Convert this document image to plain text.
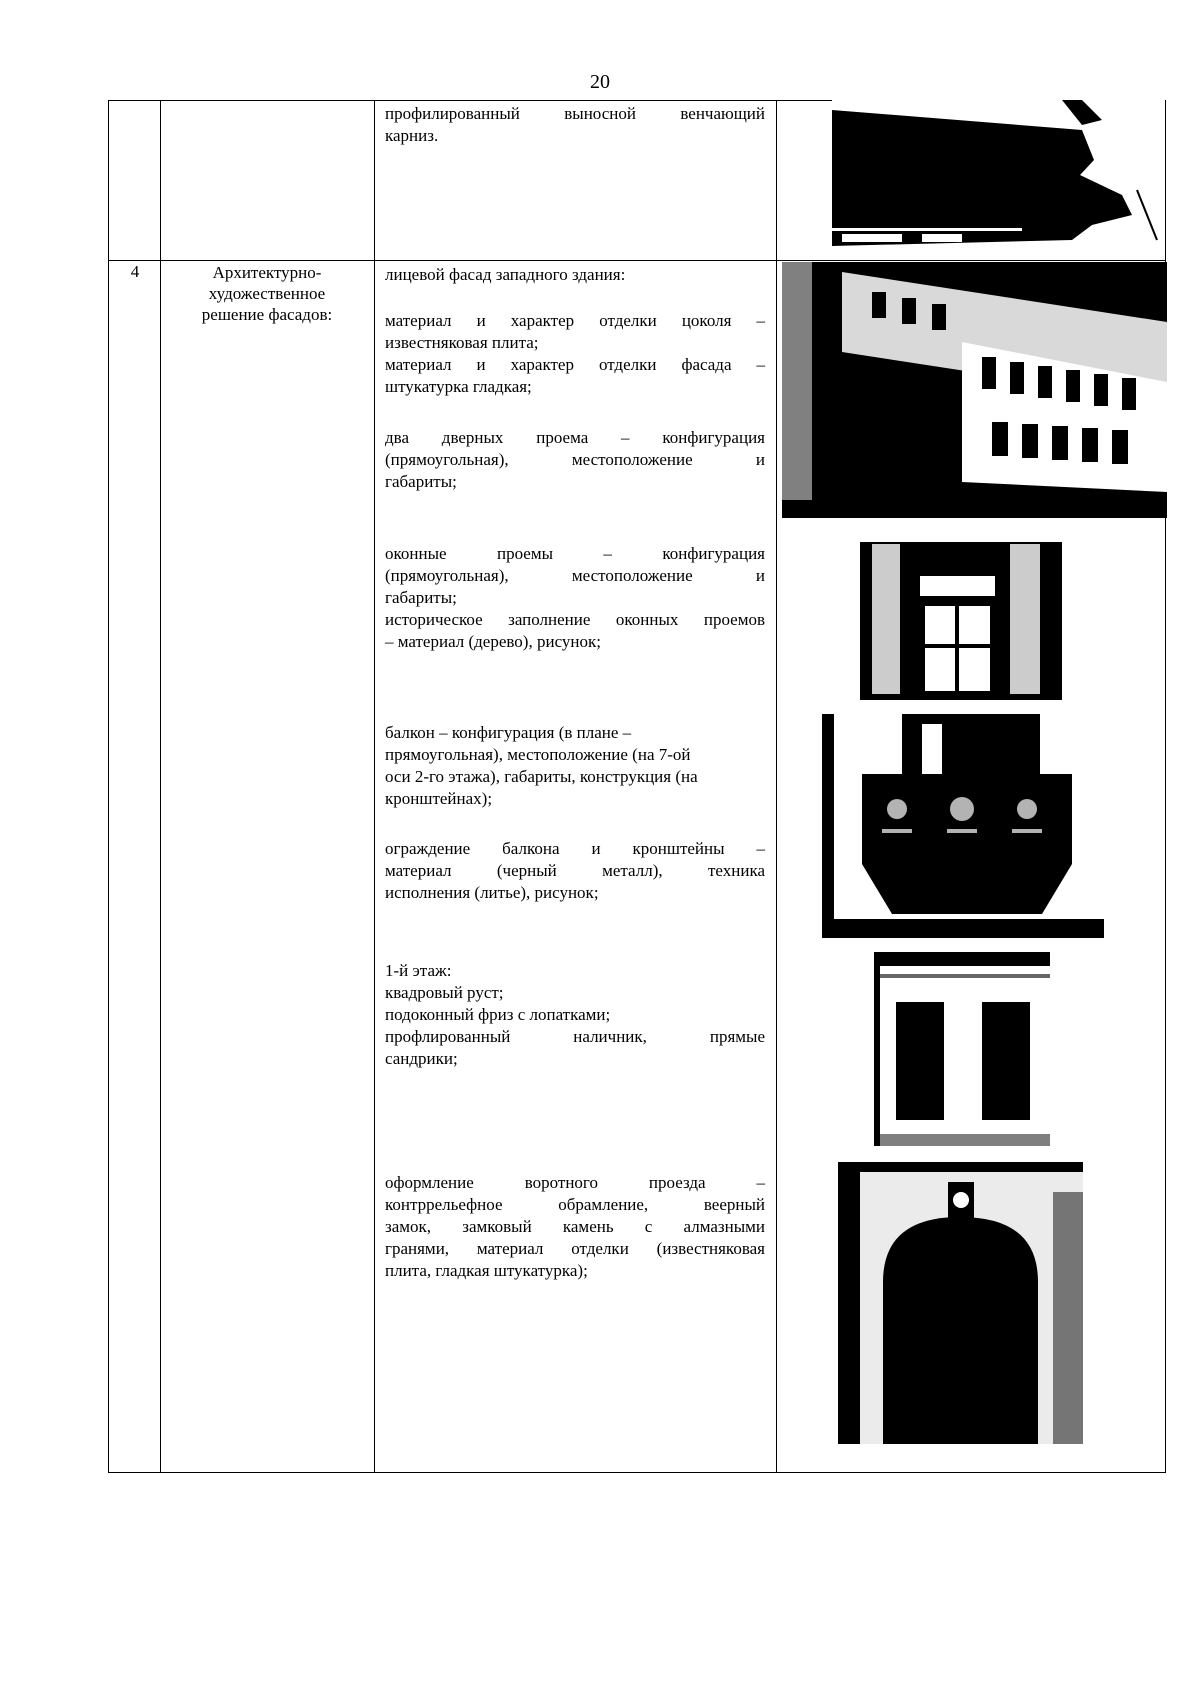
20

профилированный выносной венчающий

карниз.

4	Архитектурно-
художественное
решение фасадов:

лицевой фасад западного здания:

материал и характер отделки цоколя –

известняковая плита;

материал и характер отделки фасада –

штукатурка гладкая;

два дверных проема – конфигурация

(прямоугольная), местоположение и

габариты;

оконные проемы – конфигурация

(прямоугольная), местоположение и

габариты;

историческое заполнение оконных проемов

– материал (дерево), рисунок;

балкон – конфигурация (в плане –

прямоугольная), местоположение (на 7-ой

оси 2-го этажа), габариты, конструкция (на

кронштейнах);

ограждение балкона и кронштейны –

материал (черный металл), техника

исполнения (литье), рисунок;

1-й этаж:

квадровый руст;

подоконный фриз с лопатками;

профлированный наличник, прямые

сандрики;

оформление воротного проезда –

контррельефное обрамление, веерный

замок, замковый камень с алмазными

гранями, материал отделки (известняковая

плита, гладкая штукатурка);
